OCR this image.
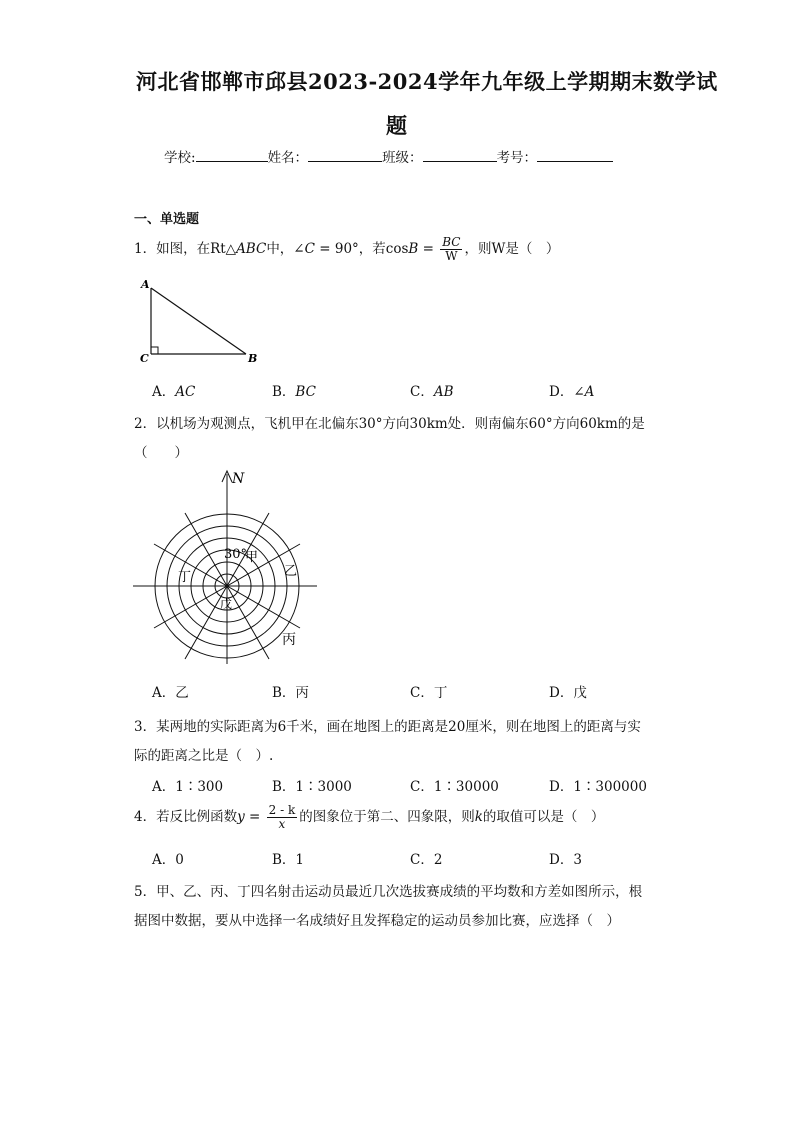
河北省邯郸市邱县2023-2024学年九年级上学期期末数学试
题
学校:	姓名：	班级：	考号：
一、单选题
1．如图，在Rt△ABC中，∠C = 90°，若$\cos B = \frac{BC}{W}$ ，则W是（　）
A
C	B
A．AC	B．BC	C．AB	D．∠A
2．以机场为观测点，飞机甲在北偏东30°方向30km处．则南偏东60°方向60km的是
（　　）
N
30°
甲
乙
丁
戊
丙
A．乙	B．丙	C．丁	D．戊
3．某两地的实际距离为6千米，画在地图上的距离是20厘米，则在地图上的距离与实
际的距离之比是（　）.
A．1∶300	B．1∶3000	C．1∶30000	D．1∶300000
4．若反比例函数$y = \frac{2 - k}{x}$ 的图象位于第二、四象限，则k的取值可以是（　）
A．0	B．1	C．2	D．3
5．甲、乙、丙、丁四名射击运动员最近几次选拔赛成绩的平均数和方差如图所示，根
据图中数据，要从中选择一名成绩好且发挥稳定的运动员参加比赛，应选择（　）
